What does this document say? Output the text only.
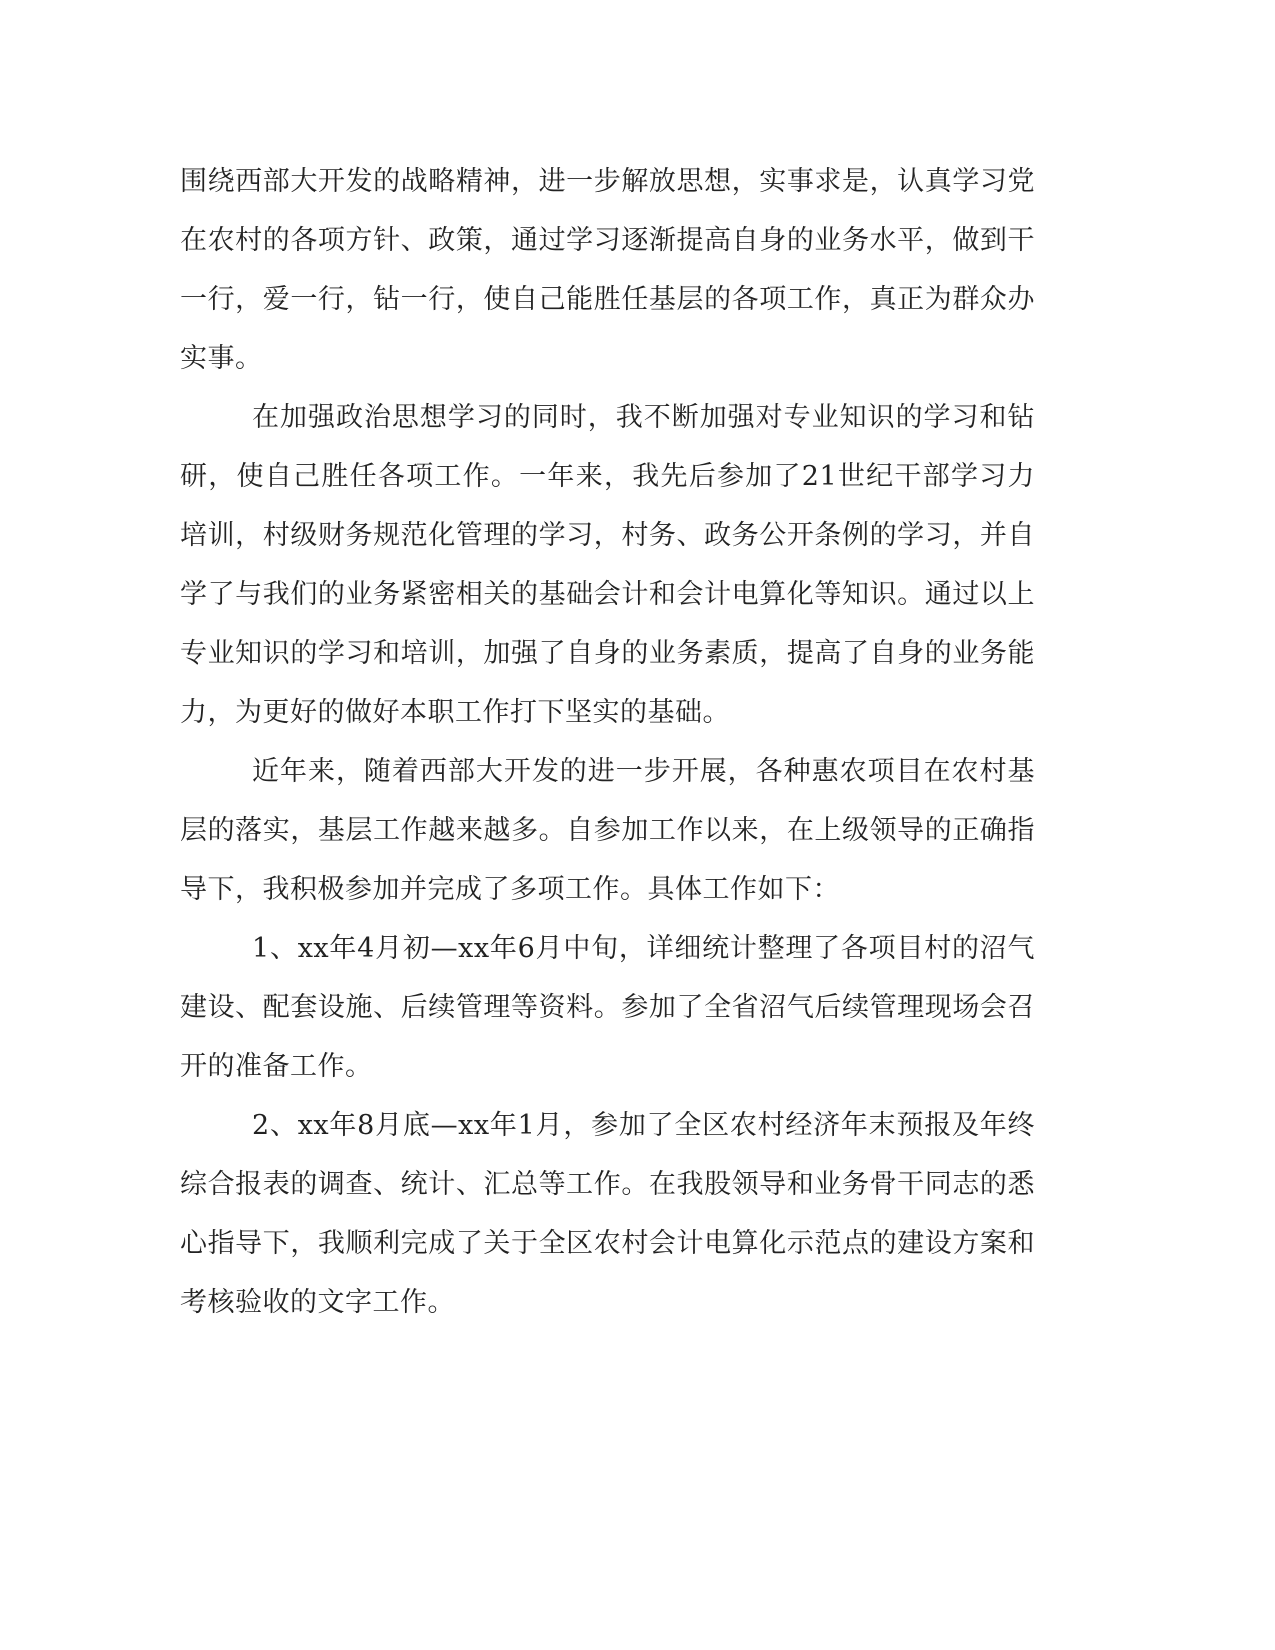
围绕西部大开发的战略精神，进一步解放思想，实事求是，认真学习党在农村的各项方针、政策，通过学习逐渐提高自身的业务水平，做到干一行，爱一行，钻一行，使自己能胜任基层的各项工作，真正为群众办实事。

在加强政治思想学习的同时，我不断加强对专业知识的学习和钻研，使自己胜任各项工作。一年来，我先后参加了21世纪干部学习力培训，村级财务规范化管理的学习，村务、政务公开条例的学习，并自学了与我们的业务紧密相关的基础会计和会计电算化等知识。通过以上专业知识的学习和培训，加强了自身的业务素质，提高了自身的业务能力，为更好的做好本职工作打下坚实的基础。

近年来，随着西部大开发的进一步开展，各种惠农项目在农村基层的落实，基层工作越来越多。自参加工作以来，在上级领导的正确指导下，我积极参加并完成了多项工作。具体工作如下：

1、xx年4月初—xx年6月中旬，详细统计整理了各项目村的沼气建设、配套设施、后续管理等资料。参加了全省沼气后续管理现场会召开的准备工作。

2、xx年8月底—xx年1月，参加了全区农村经济年末预报及年终综合报表的调查、统计、汇总等工作。在我股领导和业务骨干同志的悉心指导下，我顺利完成了关于全区农村会计电算化示范点的建设方案和考核验收的文字工作。
